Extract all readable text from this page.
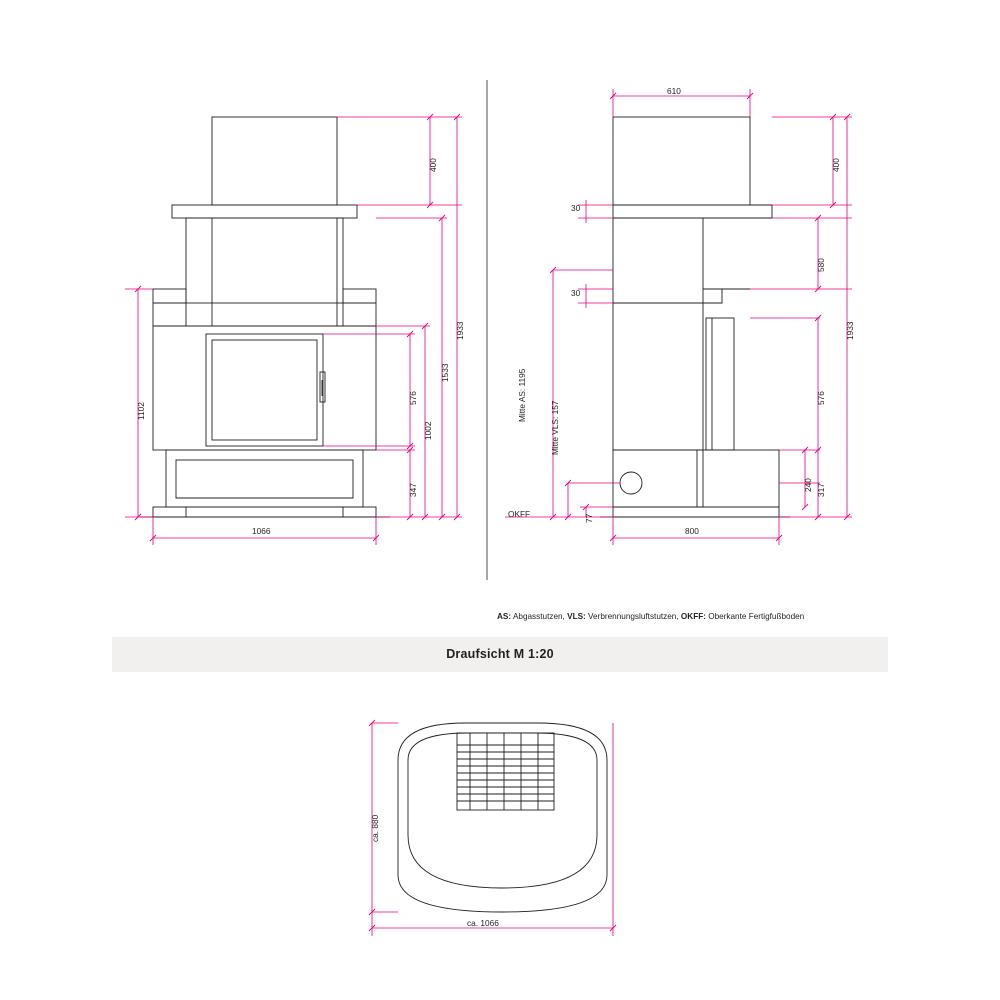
400
1933
1533
1102
576
1002
347
1066
610
400
30
580
30
1933
576
240 317
77
800
OKFF
Mitte AS: 1195
Mitte VLS: 157
ca. 880
ca. 1066
AS: Abgasstutzen, VLS: Verbrennungsluftstutzen, OKFF: Oberkante Fertigfußboden
Draufsicht M 1:20
